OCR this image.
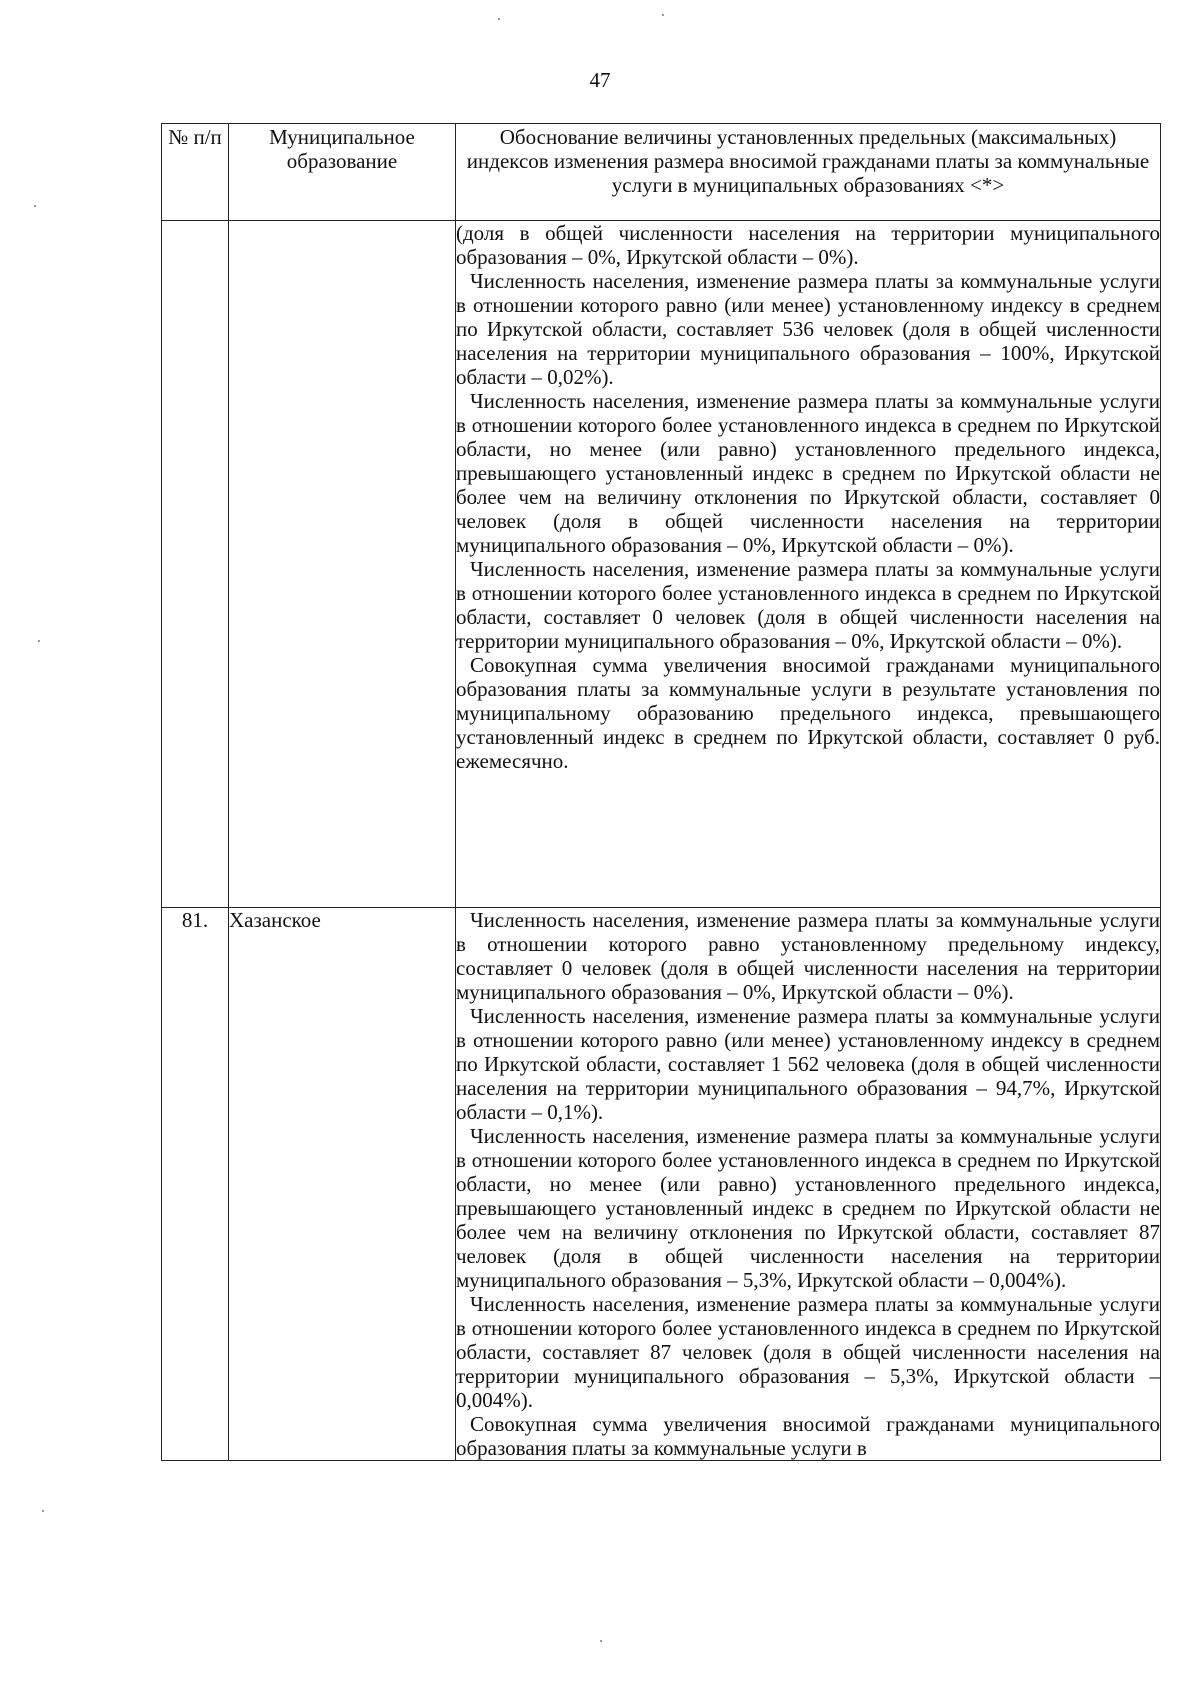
47
№ п/п	Муниципальное образование	Обоснование величины установленных предельных (максимальных) индексов изменения размера вносимой гражданами платы за коммунальные услуги в муниципальных образованиях <*>

		(доля в общей численности населения на территории муниципального образования – 0%, Иркутской области – 0%).

Численность населения, изменение размера платы за коммунальные услуги в отношении которого равно (или менее) установленному индексу в среднем по Иркутской области, составляет 536 человек (доля в общей численности населения на территории муниципального образования – 100%, Иркутской области – 0,02%).

Численность населения, изменение размера платы за коммунальные услуги в отношении которого более установленного индекса в среднем по Иркутской области, но менее (или равно) установленного предельного индекса, превышающего установленный индекс в среднем по Иркутской области не более чем на величину отклонения по Иркутской области, составляет 0 человек (доля в общей численности населения на территории муниципального образования – 0%, Иркутской области – 0%).

Численность населения, изменение размера платы за коммунальные услуги в отношении которого более установленного индекса в среднем по Иркутской области, составляет 0 человек (доля в общей численности населения на территории муниципального образования – 0%, Иркутской области – 0%).

Совокупная сумма увеличения вносимой гражданами муниципального образования платы за коммунальные услуги в результате установления по муниципальному образованию предельного индекса, превышающего установленный индекс в среднем по Иркутской области, составляет 0 руб. ежемесячно.

81.	Хазанское	Численность населения, изменение размера платы за коммунальные услуги в отношении которого равно установленному предельному индексу, составляет 0 человек (доля в общей численности населения на территории муниципального образования – 0%, Иркутской области – 0%).

Численность населения, изменение размера платы за коммунальные услуги в отношении которого равно (или менее) установленному индексу в среднем по Иркутской области, составляет 1 562 человека (доля в общей численности населения на территории муниципального образования – 94,7%, Иркутской области – 0,1%).

Численность населения, изменение размера платы за коммунальные услуги в отношении которого более установленного индекса в среднем по Иркутской области, но менее (или равно) установленного предельного индекса, превышающего установленный индекс в среднем по Иркутской области не более чем на величину отклонения по Иркутской области, составляет 87 человек (доля в общей численности населения на территории муниципального образования – 5,3%, Иркутской области – 0,004%).

Численность населения, изменение размера платы за коммунальные услуги в отношении которого более установленного индекса в среднем по Иркутской области, составляет 87 человек (доля в общей численности населения на территории муниципального образования – 5,3%, Иркутской области – 0,004%).

Совокупная сумма увеличения вносимой гражданами муниципального образования платы за коммунальные услуги в
